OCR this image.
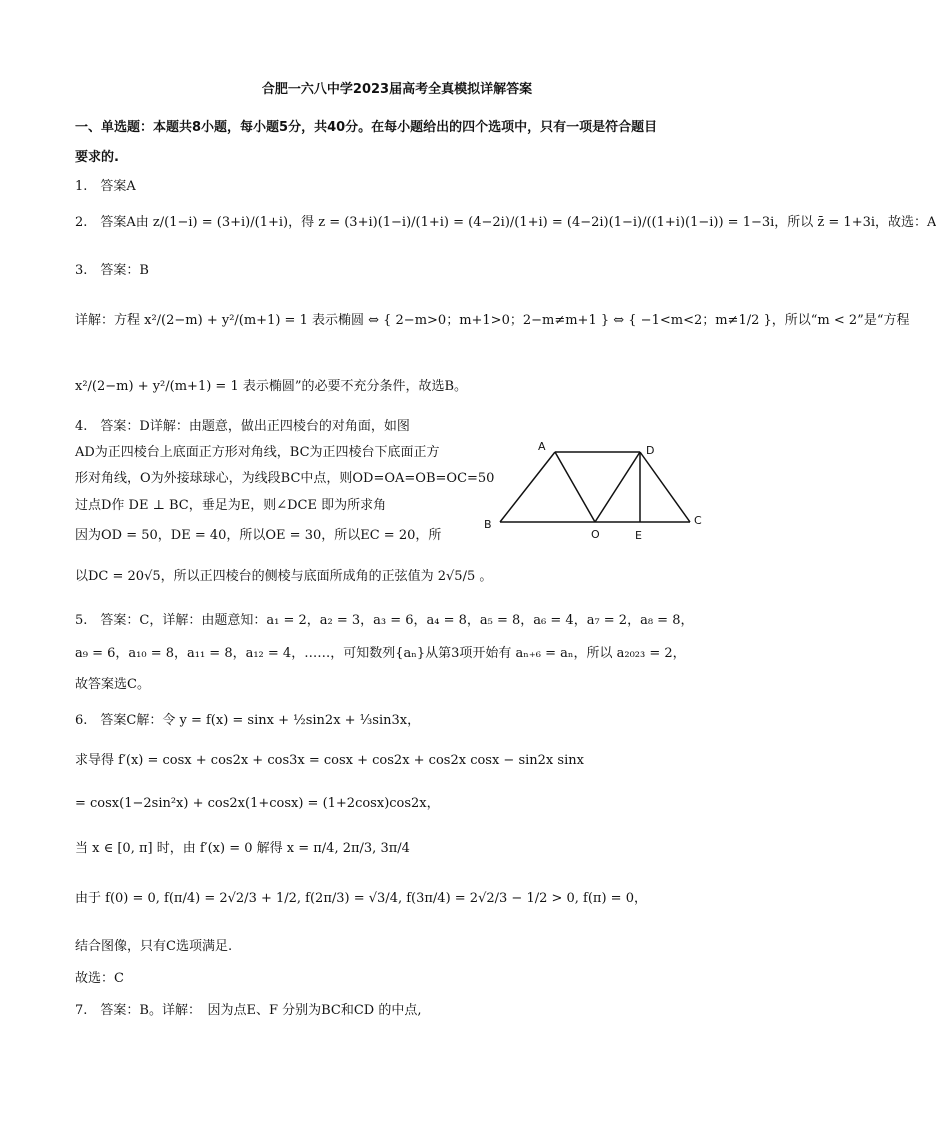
合肥一六八中学2023届高考全真模拟详解答案
一、单选题：本题共8小题，每小题5分，共40分。在每小题给出的四个选项中，只有一项是符合题目
要求的.
1.　答案A
2.　答案A由 z/(1−i) = (3+i)/(1+i)，得 z = (3+i)(1−i)/(1+i) = (4−2i)/(1+i) = (4−2i)(1−i)/((1+i)(1−i)) = 1−3i，所以 z̄ = 1+3i，故选：A
3.　答案：B
详解：方程 x²/(2−m) + y²/(m+1) = 1 表示椭圆 ⇔ { 2−m>0；m+1>0；2−m≠m+1 } ⇔ { −1<m<2；m≠1/2 }，所以“m < 2”是“方程
x²/(2−m) + y²/(m+1) = 1 表示椭圆”的必要不充分条件，故选B。
4.　答案：D详解：由题意，做出正四棱台的对角面，如图
AD为正四棱台上底面正方形对角线，BC为正四棱台下底面正方
形对角线，O为外接球球心，为线段BC中点，则OD=OA=OB=OC=50
过点D作 DE ⊥ BC，垂足为E，则∠DCE 即为所求角
因为OD = 50，DE = 40，所以OE = 30，所以EC = 20，所
以DC = 20√5，所以正四棱台的侧棱与底面所成角的正弦值为 2√5/5 。
5.　答案：C，详解：由题意知：a₁ = 2，a₂ = 3，a₃ = 6，a₄ = 8，a₅ = 8，a₆ = 4，a₇ = 2，a₈ = 8，
a₉ = 6，a₁₀ = 8，a₁₁ = 8，a₁₂ = 4，……，可知数列{aₙ}从第3项开始有 aₙ₊₆ = aₙ，所以 a₂₀₂₃ = 2，
故答案选C。
6.　答案C解：令 y = f(x) = sinx + ½sin2x + ⅓sin3x，
求导得 f′(x) = cosx + cos2x + cos3x = cosx + cos2x + cos2x cosx − sin2x sinx
= cosx(1−2sin²x) + cos2x(1+cosx) = (1+2cosx)cos2x，
当 x ∈ [0, π] 时，由 f′(x) = 0 解得 x = π/4, 2π/3, 3π/4
由于 f(0) = 0, f(π/4) = 2√2/3 + 1/2, f(2π/3) = √3/4, f(3π/4) = 2√2/3 − 1/2 > 0, f(π) = 0，
结合图像，只有C选项满足.
故选：C
7.　答案：B。详解：　因为点E、F 分别为BC和CD 的中点,
A	D
B	C
O	E
